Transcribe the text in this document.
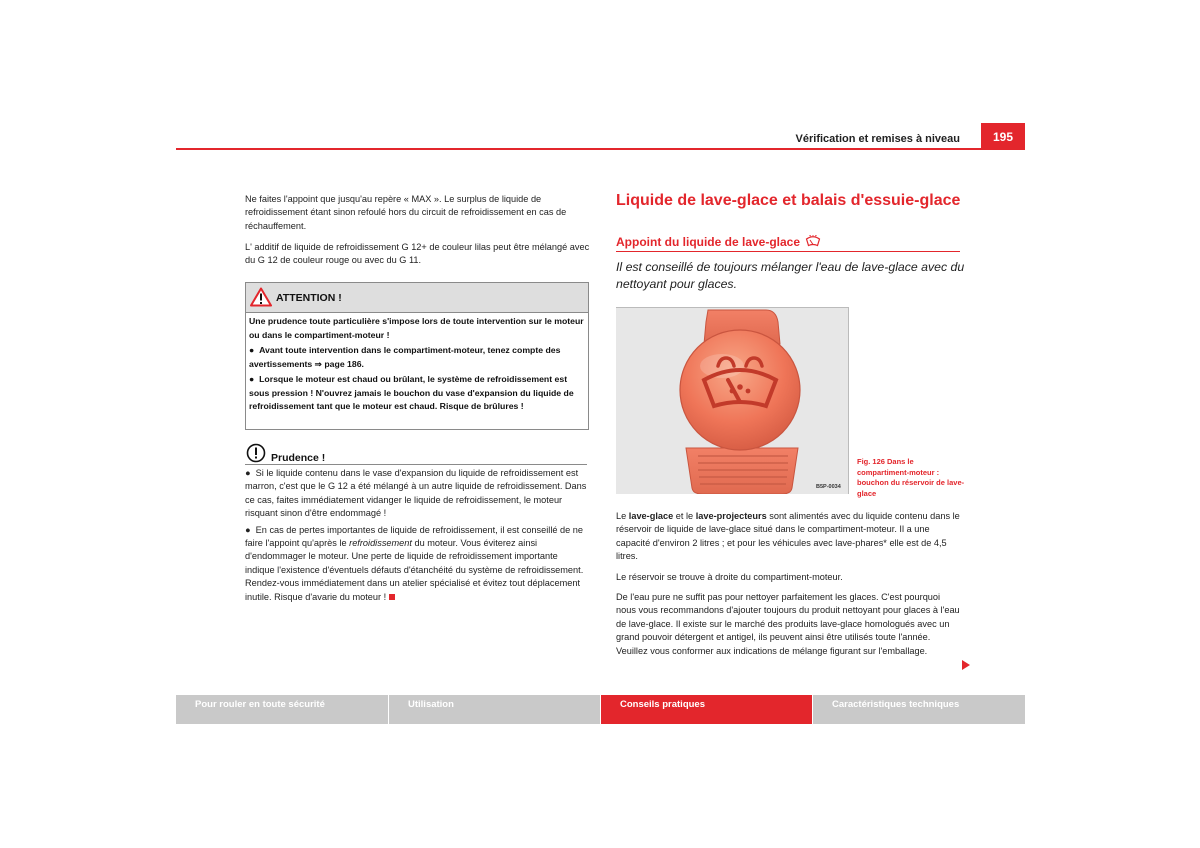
Vérification et remises à niveau	195
Ne faites l'appoint que jusqu'au repère « MAX ». Le surplus de liquide de refroidissement étant sinon refoulé hors du circuit de refroidissement en cas de réchauffement.
L' additif de liquide de refroidissement G 12+ de couleur lilas peut être mélangé avec du G 12 de couleur rouge ou avec du G 11.
ATTENTION !

Une prudence toute particulière s'impose lors de toute intervention sur le moteur ou dans le compartiment-moteur !

●  Avant toute intervention dans le compartiment-moteur, tenez compte des avertissements ⇒ page 186.

●  Lorsque le moteur est chaud ou brûlant, le système de refroidissement est sous pression ! N'ouvrez jamais le bouchon du vase d'expansion du liquide de refroidissement tant que le moteur est chaud. Risque de brûlures !

Prudence !

●  Si le liquide contenu dans le vase d'expansion du liquide de refroidissement est marron, c'est que le G 12 a été mélangé à un autre liquide de refroidissement. Dans ce cas, faites immédiatement vidanger le liquide de refroidissement, le moteur risquant sinon d'être endommagé !

●  En cas de pertes importantes de liquide de refroidissement, il est conseillé de ne faire l'appoint qu'après le refroidissement du moteur. Vous éviterez ainsi d'endommager le moteur. Une perte de liquide de refroidissement importante indique l'existence d'éventuels défauts d'étanchéité du système de refroidissement. Rendez-vous immédiatement dans un atelier spécialisé et évitez tout déplacement inutile. Risque d'avarie du moteur !

Liquide de lave-glace et balais d'essuie-glace
Appoint du liquide de lave-glace
Il est conseillé de toujours mélanger l'eau de lave-glace avec du nettoyant pour glaces.
B5P-0034
Fig. 126 Dans le compartiment-moteur : bouchon du réservoir de lave-glace
Le lave-glace et le lave-projecteurs sont alimentés avec du liquide contenu dans le réservoir de liquide de lave-glace situé dans le compartiment-moteur. Il a une capacité d'environ 2 litres ; et pour les véhicules avec lave-phares* elle est de 4,5 litres.
Le réservoir se trouve à droite du compartiment-moteur.
De l'eau pure ne suffit pas pour nettoyer parfaitement les glaces. C'est pourquoi nous vous recommandons d'ajouter toujours du produit nettoyant pour glaces à l'eau de lave-glace. Il existe sur le marché des produits lave-glace homologués avec un grand pouvoir détergent et antigel, ils peuvent ainsi être utilisés toute l'année. Veuillez vous conformer aux indications de mélange figurant sur l'emballage.
Pour rouler en toute sécurité	Utilisation	Conseils pratiques	Caractéristiques techniques
